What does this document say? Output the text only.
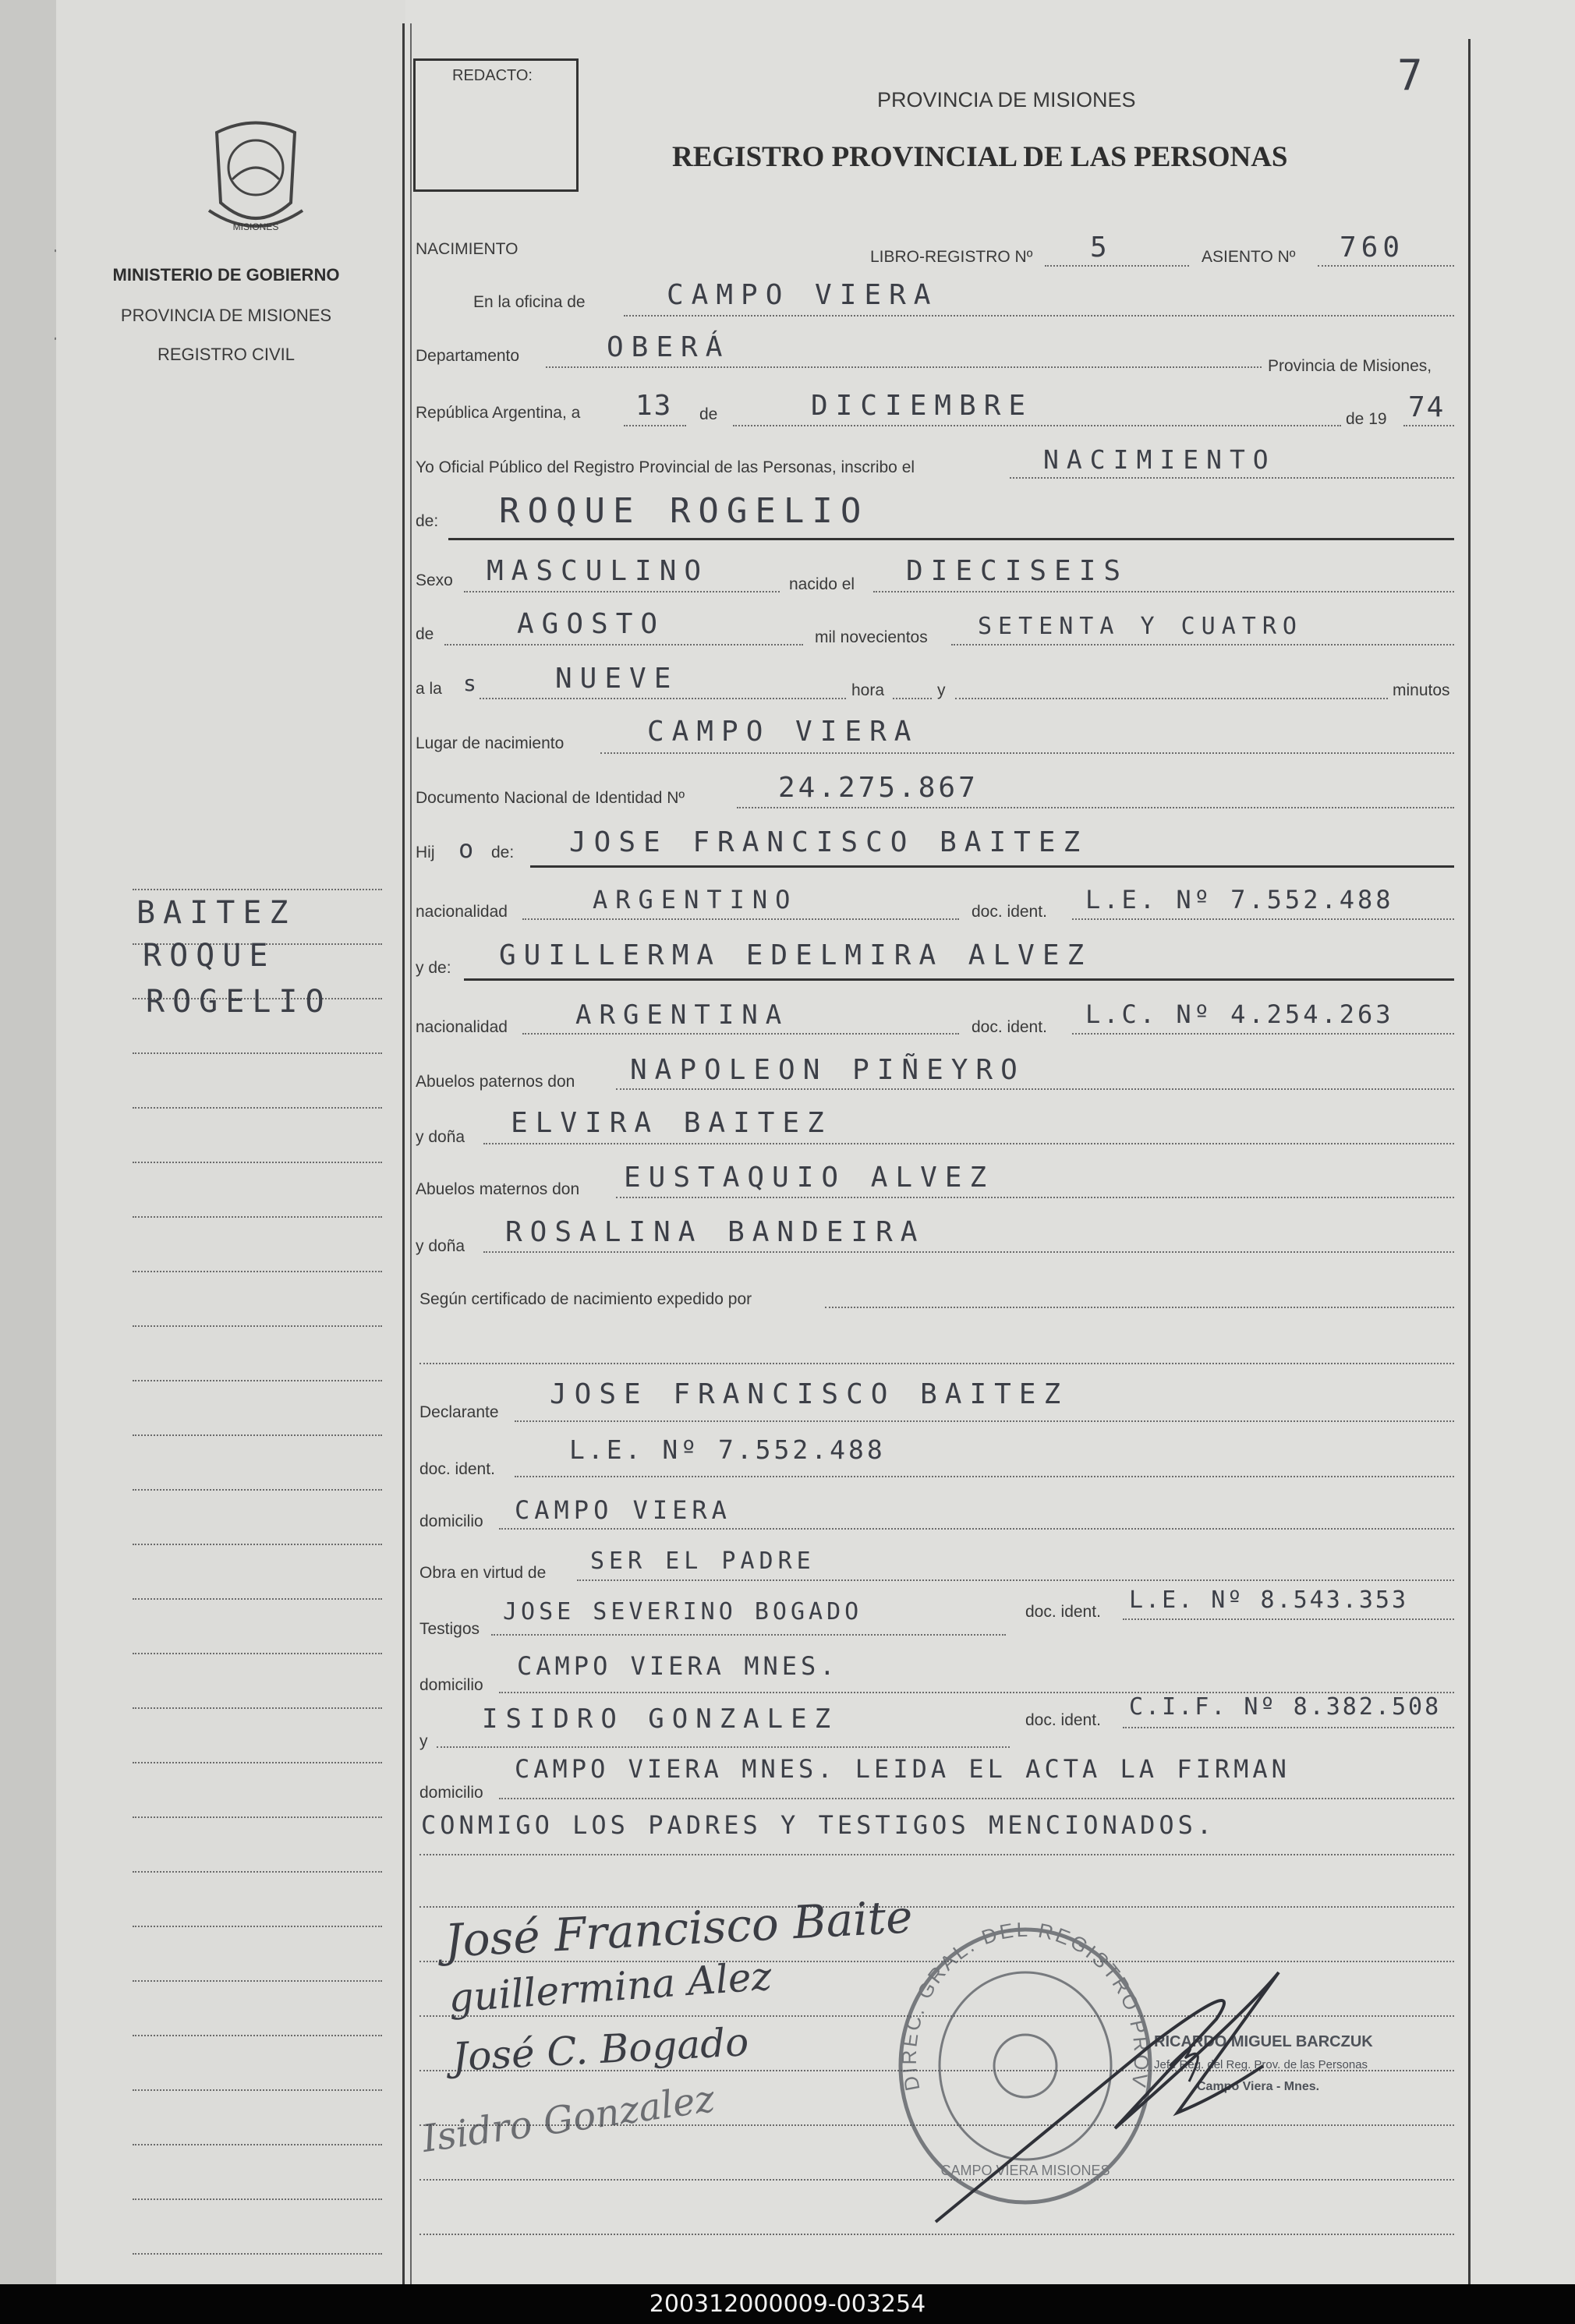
MISIONES
MINISTERIO DE GOBIERNO
PROVINCIA DE MISIONES
REGISTRO CIVIL
BAITEZ
ROQUE
ROGELIO
REDACTO:
PROVINCIA DE MISIONES	7
REGISTRO PROVINCIAL DE LAS PERSONAS
NACIMIENTO	LIBRO-REGISTRO Nº 5	ASIENTO Nº 760
En la oficina de	CAMPO VIERA
Departamento	OBERÁ
Provincia de Misiones,
República Argentina, a 13 de	DICIEMBRE	de 19 74
Yo Oficial Público del Registro Provincial de las Personas, inscribo el	NACIMIENTO
de: ROQUE ROGELIO
Sexo MASCULINO	nacido el DIECISEIS
de	AGOSTO	mil novecientos SETENTA Y CUATRO
a la s	NUEVE	hora	y	minutos
Lugar de nacimiento	CAMPO VIERA
Documento Nacional de Identidad Nº	24.275.867
Hij o de: JOSE FRANCISCO BAITEZ
nacionalidad	ARGENTINO	doc. ident. L.E. Nº 7.552.488
y de: GUILLERMA EDELMIRA ALVEZ
nacionalidad	ARGENTINA	doc. ident. L.C. Nº 4.254.263
Abuelos paternos don NAPOLEON PIÑEYRO
y doña ELVIRA BAITEZ
Abuelos maternos don EUSTAQUIO ALVEZ
y doña ROSALINA BANDEIRA
Según certificado de nacimiento expedido por
Declarante
JOSE FRANCISCO BAITEZ
doc. ident.
L.E. Nº 7.552.488
domicilio CAMPO VIERA
Obra en virtud de SER EL PADRE
Testigos
JOSE SEVERINO BOGADO	doc. ident. L.E. Nº 8.543.353
domicilio
CAMPO VIERA MNES.
y
ISIDRO GONZALEZ	doc. ident. C.I.F. Nº 8.382.508
domicilio
CAMPO VIERA MNES. LEIDA EL ACTA LA FIRMAN
CONMIGO LOS PADRES Y TESTIGOS MENCIONADOS.
José Francisco Baite
guillermina Alez
José C. Bogado
Isidro Gonzalez	DIREC. GRAL. DEL REGISTRO PROV
CAMPO VIERA MISIONES
RICARDO MIGUEL BARCZUK
Jefe Reg. del Reg. Prov. de las Personas
Campo Viera - Mnes.
200312000009-003254
